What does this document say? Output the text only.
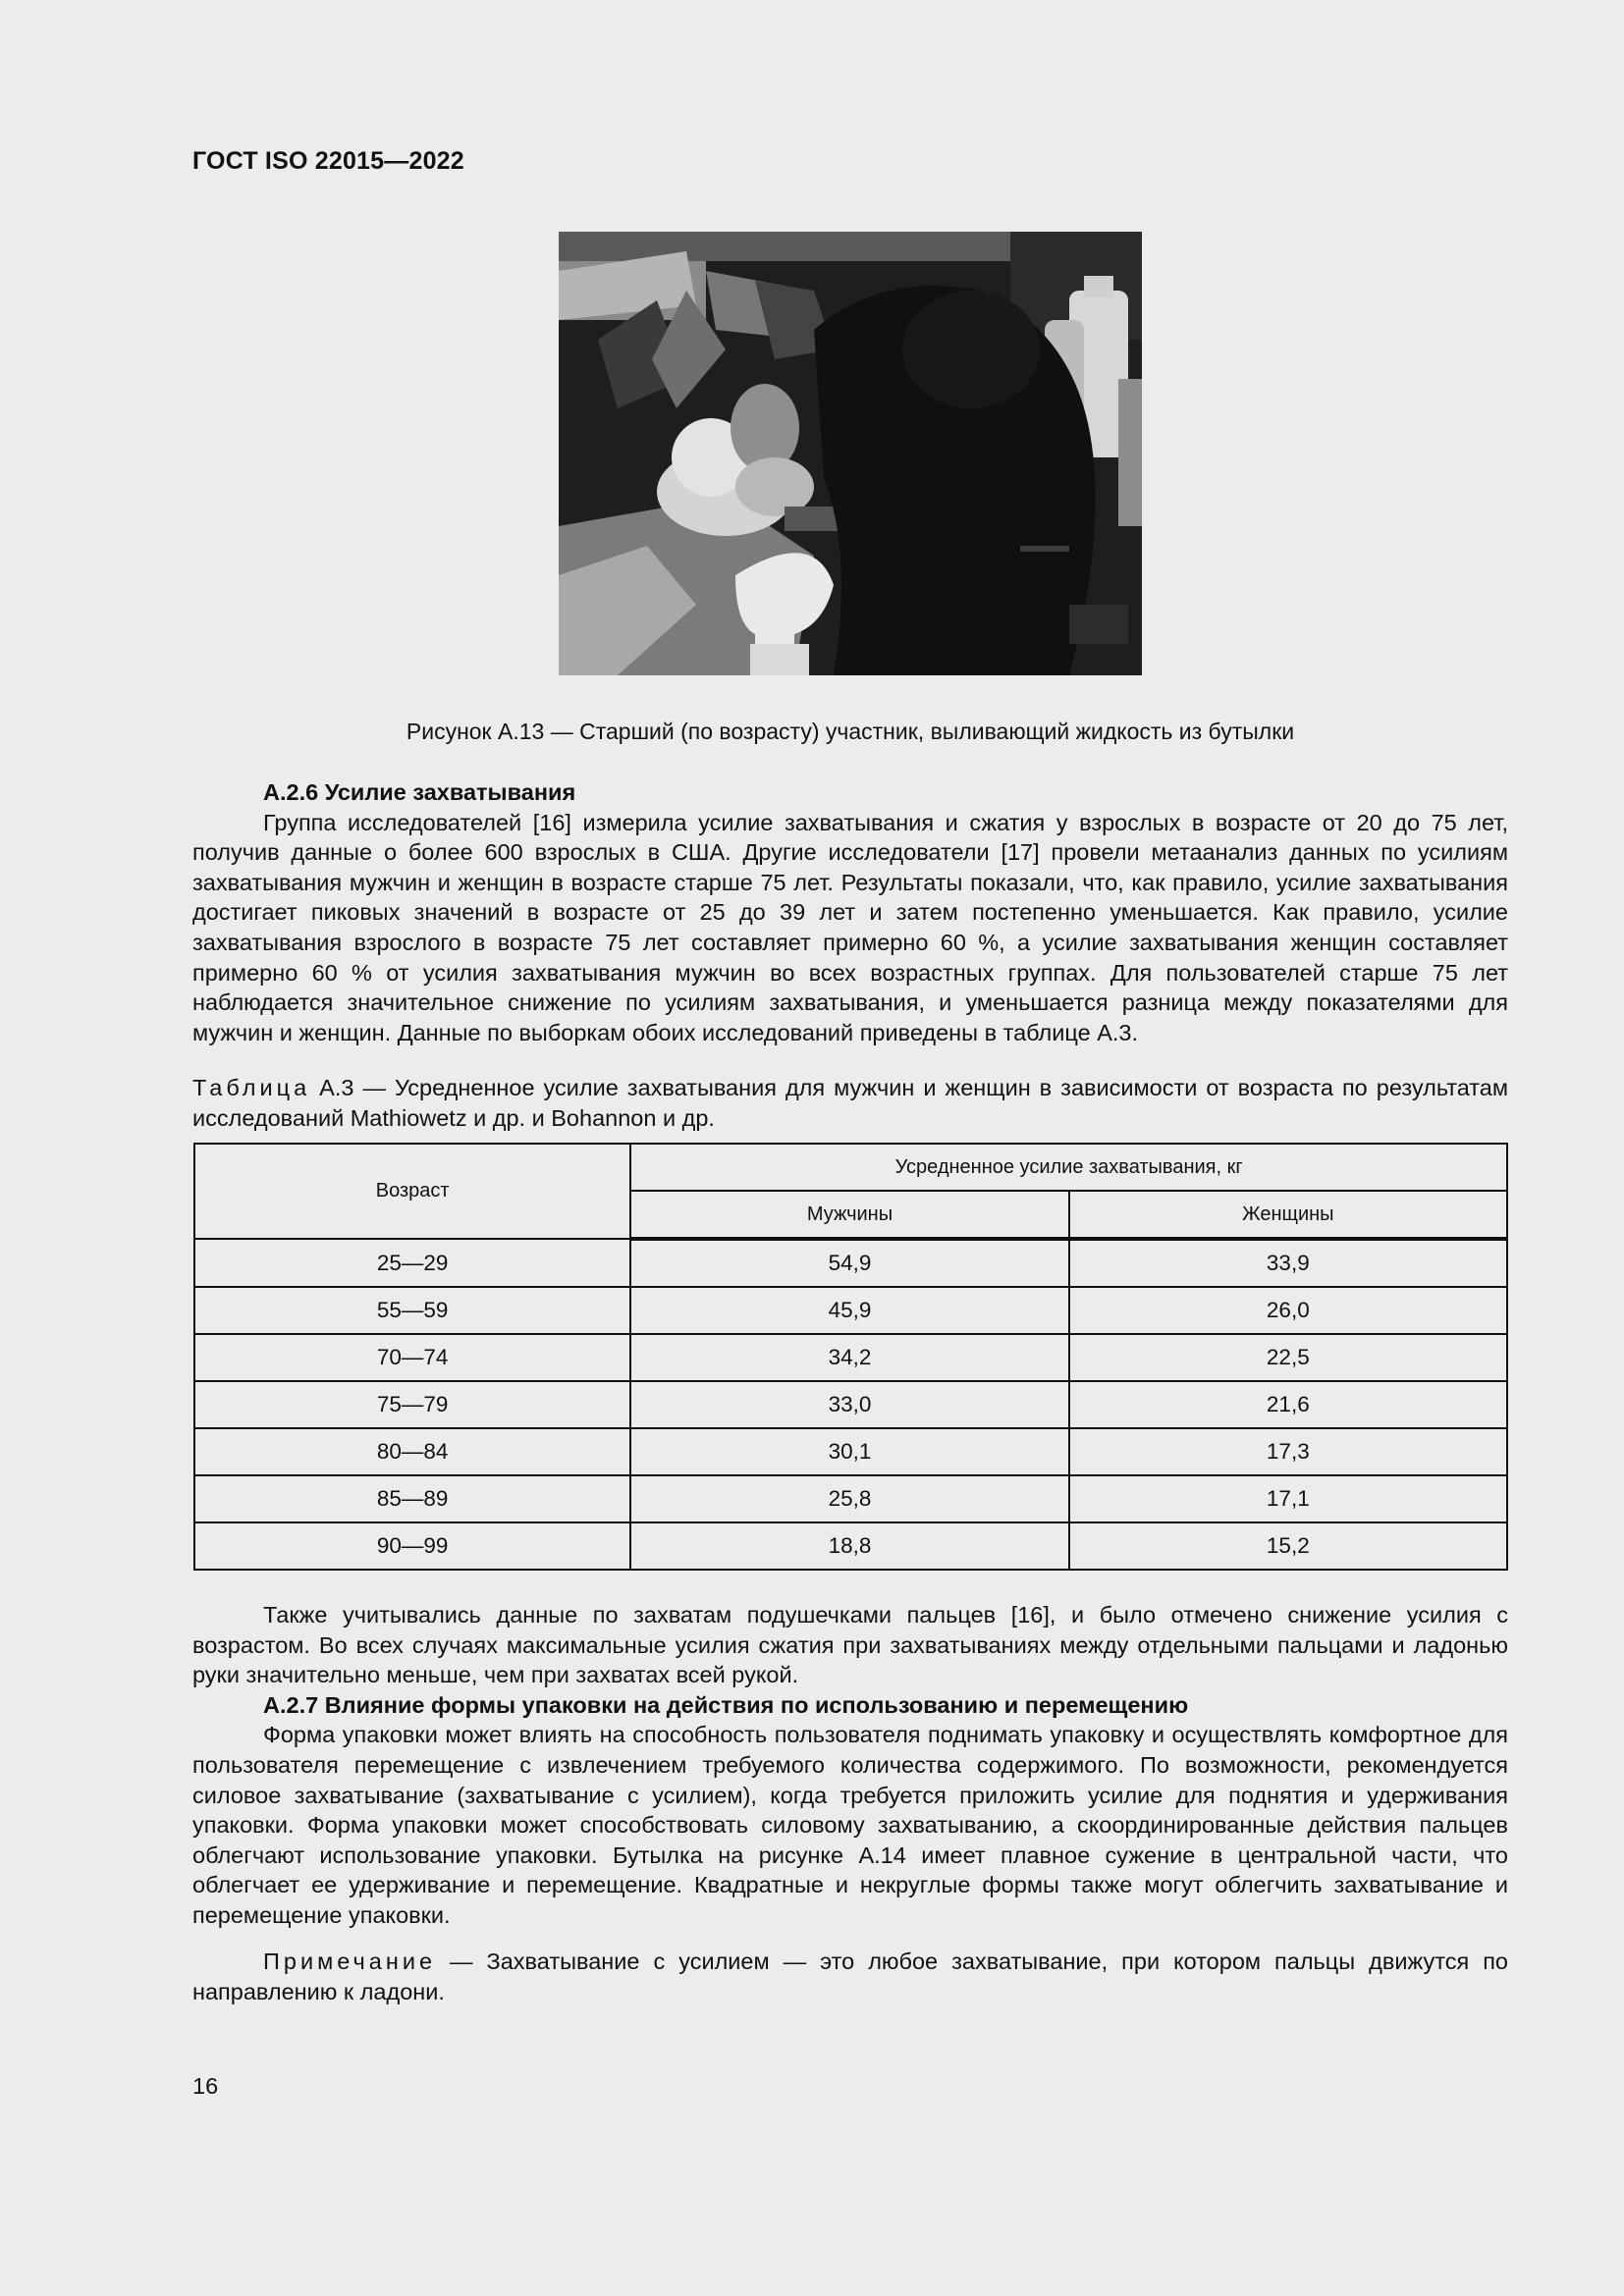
ГОСТ ISO 22015—2022
Рисунок А.13 — Старший (по возрасту) участник, выливающий жидкость из бутылки
А.2.6 Усилие захватывания

Группа исследователей [16] измерила усилие захватывания и сжатия у взрослых в возрасте от 20 до 75 лет, получив данные о более 600 взрослых в США. Другие исследователи [17] провели метаанализ данных по усилиям захватывания мужчин и женщин в возрасте старше 75 лет. Результаты показали, что, как правило, усилие захватывания достигает пиковых значений в возрасте от 25 до 39 лет и затем постепенно уменьшается. Как правило, усилие захватывания взрослого в возрасте 75 лет составляет примерно 60 %, а усилие захватывания женщин составляет примерно 60 % от усилия захватывания мужчин во всех возрастных группах. Для пользователей старше 75 лет наблюдается значительное снижение по усилиям захватывания, и уменьшается разница между показателями для мужчин и женщин. Данные по выборкам обоих исследований приведены в таблице А.3.

Таблица А.3 — Усредненное усилие захватывания для мужчин и женщин в зависимости от возраста по результатам исследований Mathiowetz и др. и Bohannon и др.
Возраст	Усредненное усилие захватывания, кг	
	Мужчины	Женщины
25—29	54,9	33,9
55—59	45,9	26,0
70—74	34,2	22,5
75—79	33,0	21,6
80—84	30,1	17,3
85—89	25,8	17,1
90—99	18,8	15,2

Также учитывались данные по захватам подушечками пальцев [16], и было отмечено снижение усилия с возрастом. Во всех случаях максимальные усилия сжатия при захватываниях между отдельными пальцами и ладонью руки значительно меньше, чем при захватах всей рукой.

А.2.7 Влияние формы упаковки на действия по использованию и перемещению

Форма упаковки может влиять на способность пользователя поднимать упаковку и осуществлять комфортное для пользователя перемещение с извлечением требуемого количества содержимого. По возможности, рекомендуется силовое захватывание (захватывание с усилием), когда требуется приложить усилие для поднятия и удерживания упаковки. Форма упаковки может способствовать силовому захватыванию, а скоординированные действия пальцев облегчают использование упаковки. Бутылка на рисунке А.14 имеет плавное сужение в центральной части, что облегчает ее удерживание и перемещение. Квадратные и некруглые формы также могут облегчить захватывание и перемещение упаковки.

Примечание — Захватывание с усилием — это любое захватывание, при котором пальцы движутся по направлению к ладони.
16
